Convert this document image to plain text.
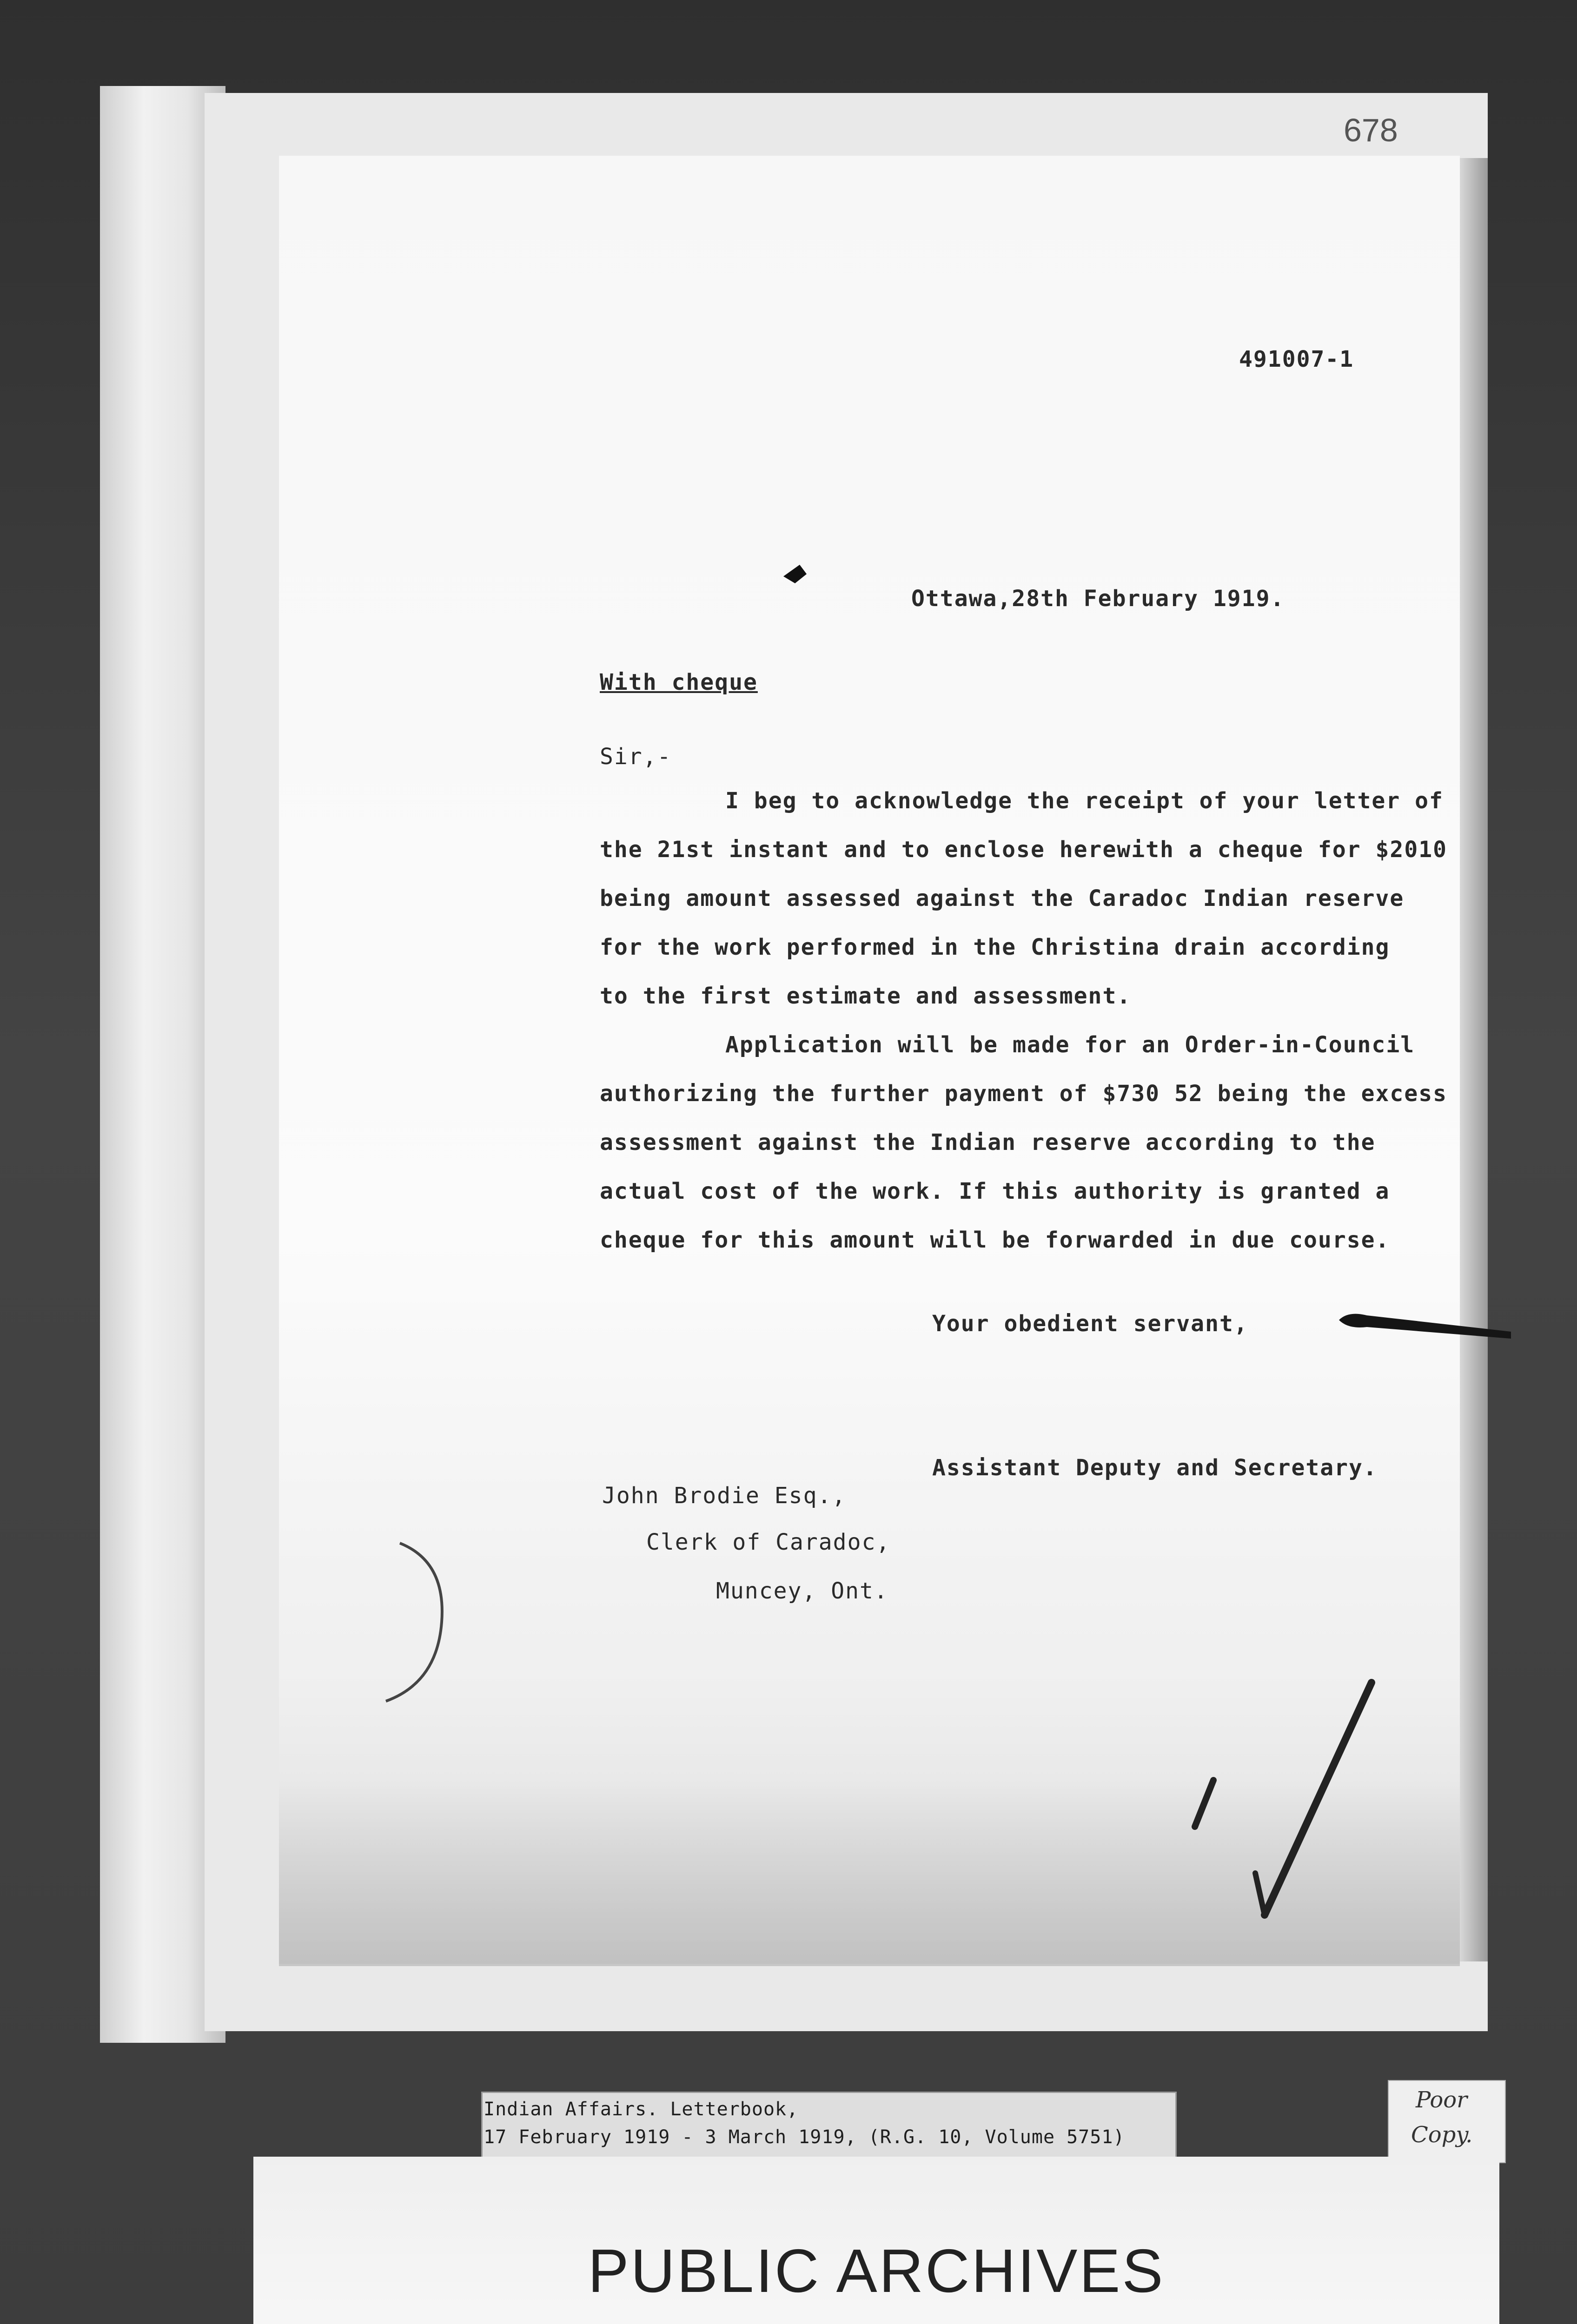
678
491007-1
Ottawa,28th February 1919.
With cheque
Sir,-
I beg to acknowledge the receipt of your letter of
the 21st instant and to enclose herewith a cheque for $2010
being amount assessed against the Caradoc Indian reserve
for the work performed in the Christina drain according
to the first estimate and assessment.
Application will be made for an Order-in-Council
authorizing the further payment of $730 52 being the excess
assessment against the Indian reserve according to the
actual cost of the work. If this authority is granted a
cheque for this amount will be forwarded in due course.
Your obedient servant,
Assistant Deputy and Secretary.
John Brodie Esq.,
Clerk of Caradoc,
Muncey, Ont.
Indian Affairs. Letterbook,
17 February 1919 - 3 March 1919, (R.G. 10, Volume 5751)
Poor
Copy.
PUBLIC ARCHIVES
